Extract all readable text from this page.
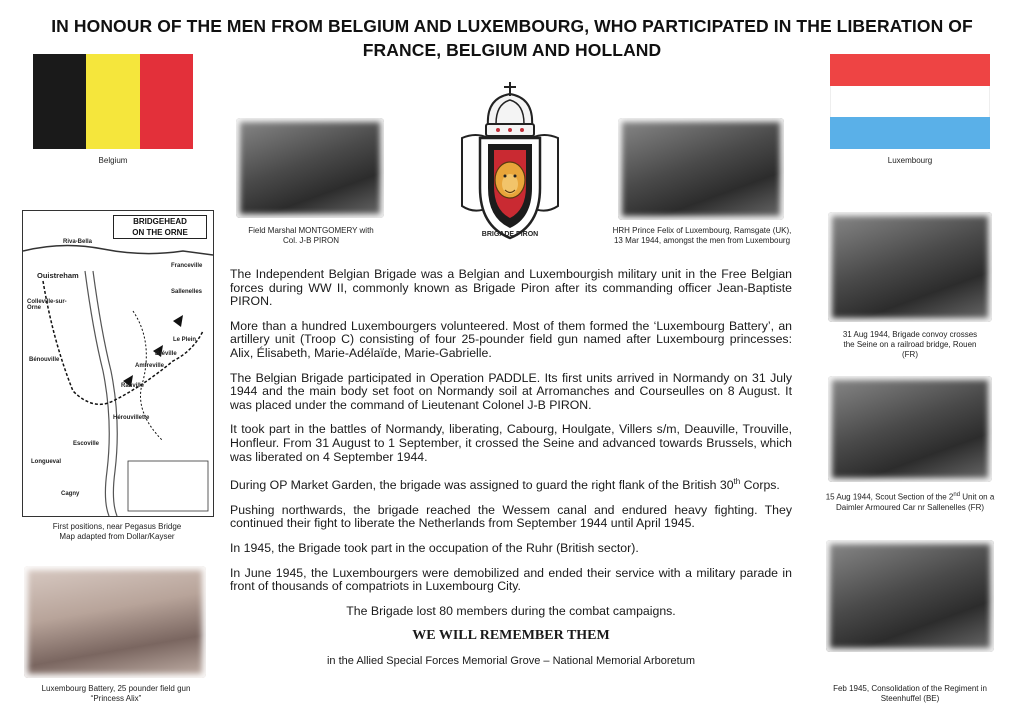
IN HONOUR OF THE MEN FROM BELGIUM AND LUXEMBOURG, WHO PARTICIPATED IN THE LIBERATION OF FRANCE, BELGIUM AND HOLLAND
Belgium	Luxembourg
Field Marshal MONTGOMERY with
Col. J-B PIRON
BRIGADE PIRON	HRH Prince Felix of Luxembourg, Ramsgate (UK),
13 Mar 1944, amongst the men from Luxembourg
BRIDGEHEAD
ON THE ORNE
Riva-Bella
Ouistreham
Franceville
Colleville-sur-Orne
Bénouville
Ranville
Sallenelles
Bréville
Le Plein
Amfreville
Hérouvillette
Longueval
Escoville
Cagny
First positions, near Pegasus Bridge
Map adapted from Dollar/Kayser
Luxembourg Battery, 25 pounder field gun
“Princess Alix”
31 Aug 1944, Brigade convoy crosses
the Seine on a railroad bridge, Rouen
(FR)
15 Aug 1944, Scout Section of the 2nd Unit on a
Daimler Armoured Car nr Sallenelles (FR)
Feb 1945, Consolidation of the Regiment in
Steenhuffel (BE)

The Independent Belgian Brigade was a Belgian and Luxembourgish military unit in the Free Belgian forces during WW II, commonly known as Brigade Piron after its commanding officer Jean-Baptiste PIRON.

More than a hundred Luxembourgers volunteered. Most of them formed the ‘Luxembourg Battery’, an artillery unit (Troop C) consisting of four 25-pounder field gun named after Luxembourg princesses: Alix, Élisabeth, Marie-Adélaïde, Marie-Gabrielle.

The Belgian Brigade participated in Operation PADDLE. Its first units arrived in Normandy on 31 July 1944 and the main body set foot on Normandy soil at Arromanches and Courseulles on 8 August. It was placed under the command of Lieutenant Colonel J-B PIRON.

It took part in the battles of Normandy, liberating, Cabourg, Houlgate, Villers s/m, Deauville, Trouville, Honfleur. From 31 August to 1 September, it crossed the Seine and advanced towards Brussels, which was liberated on 4 September 1944.

During OP Market Garden, the brigade was assigned to guard the right flank of the British 30th Corps.

Pushing northwards, the brigade reached the Wessem canal and endured heavy fighting. They continued their fight to liberate the Netherlands from September 1944 until April 1945.

In 1945, the Brigade took part in the occupation of the Ruhr (British sector).

In June 1945, the Luxembourgers were demobilized and ended their service with a military parade in front of thousands of compatriots in Luxembourg City.

The Brigade lost 80 members during the combat campaigns.

WE WILL REMEMBER THEM
in the Allied Special Forces Memorial Grove – National Memorial Arboretum
